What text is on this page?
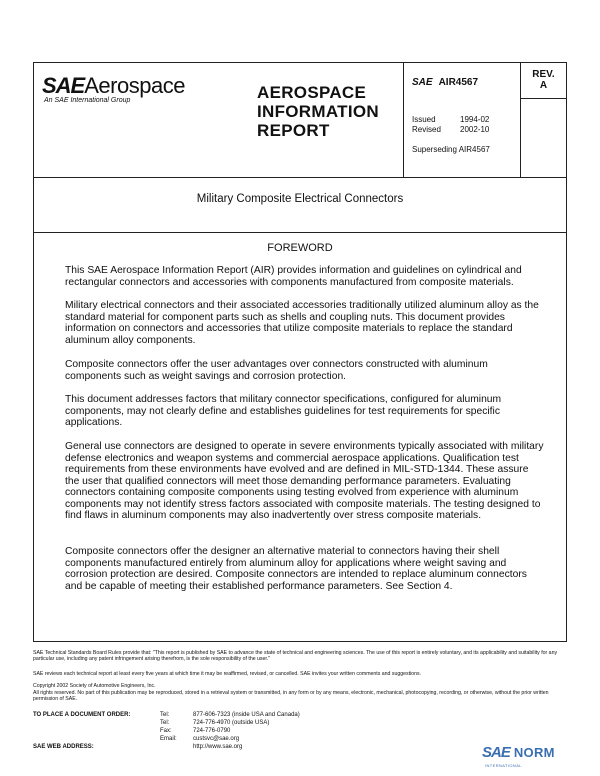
SAEAerospace
An SAE International Group	AEROSPACE
INFORMATION
REPORT
SAE AIR4567
Issued	1994-02
Revised 2002-10
Superseding AIR4567
REV.
A
Military Composite Electrical Connectors
FOREWORD

This SAE Aerospace Information Report (AIR) provides information and guidelines on cylindrical and rectangular connectors and accessories with components manufactured from composite materials.

Military electrical connectors and their associated accessories traditionally utilized aluminum alloy as the standard material for component parts such as shells and coupling nuts. This document provides information on connectors and accessories that utilize composite materials to replace the standard aluminum alloy components.

Composite connectors offer the user advantages over connectors constructed with aluminum components such as weight savings and corrosion protection.

This document addresses factors that military connector specifications, configured for aluminum components, may not clearly define and establishes guidelines for test requirements for specific applications.

General use connectors are designed to operate in severe environments typically associated with military defense electronics and weapon systems and commercial aerospace applications. Qualification test requirements from these environments have evolved and are defined in MIL-STD-1344. These assure the user that qualified connectors will meet those demanding performance parameters. Evaluating connectors containing composite components using testing evolved from experience with aluminum components may not identify stress factors associated with composite materials. The testing designed to find flaws in aluminum components may also inadvertently over stress composite materials.

Composite connectors offer the designer an alternative material to connectors having their shell components manufactured entirely from aluminum alloy for applications where weight saving and corrosion protection are desired. Composite connectors are intended to replace aluminum connectors and be capable of meeting their established performance parameters. See Section 4.

SAE Technical Standards Board Rules provide that: "This report is published by SAE to advance the state of technical and engineering sciences. The use of this report is entirely voluntary, and its applicability and suitability for any particular use, including any patent infringement arising therefrom, is the sole responsibility of the user."
SAE reviews each technical report at least every five years at which time it may be reaffirmed, revised, or cancelled. SAE invites your written comments and suggestions.
Copyright 2002 Society of Automotive Engineers, Inc.
All rights reserved. No part of this publication may be reproduced, stored in a retrieval system or transmitted, in any form or by any means, electronic, mechanical, photocopying, recording, or otherwise, without the prior written permission of SAE.
TO PLACE A DOCUMENT ORDER:	Tel:	877-606-7323 (inside USA and Canada)
Tel:	724-776-4970 (outside USA)
Fax:	724-776-0790
Email:	custsvc@sae.org
SAE WEB ADDRESS:	http://www.sae.org	SAE NORM
INTERNATIONAL
